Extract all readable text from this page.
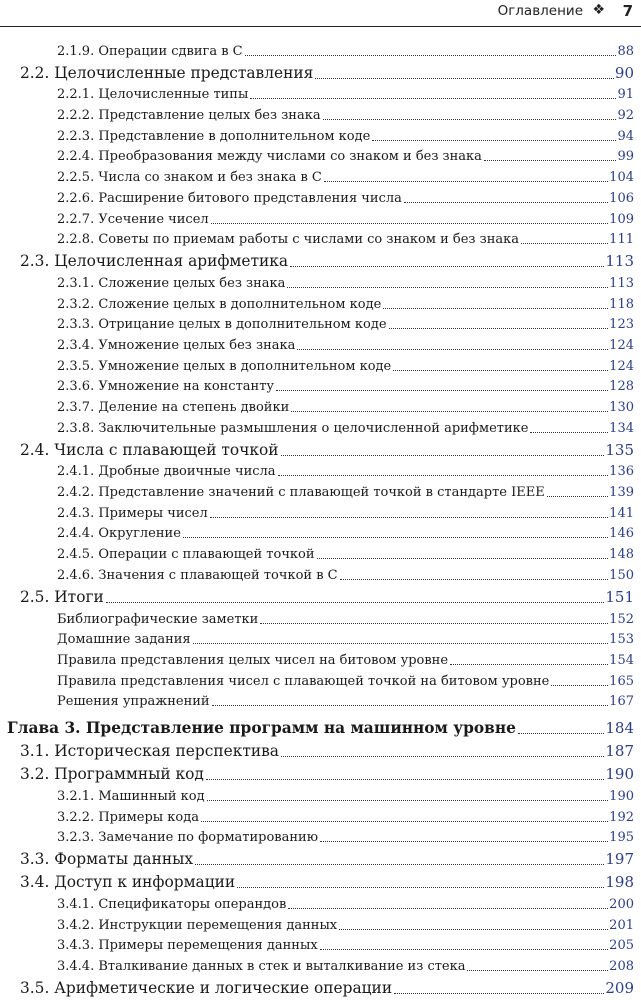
Оглавление ❖ 7
2.1.9. Операции сдвига в С	88
2.2. Целочисленные представления	90
2.2.1. Целочисленные типы	91
2.2.2. Представление целых без знака	92
2.2.3. Представление в дополнительном коде	94
2.2.4. Преобразования между числами со знаком и без знака	99
2.2.5. Числа со знаком и без знака в С	104
2.2.6. Расширение битового представления числа	106
2.2.7. Усечение чисел	109
2.2.8. Советы по приемам работы с числами со знаком и без знака	111
2.3. Целочисленная арифметика	113
2.3.1. Сложение целых без знака	113
2.3.2. Сложение целых в дополнительном коде	118
2.3.3. Отрицание целых в дополнительном коде	123
2.3.4. Умножение целых без знака	124
2.3.5. Умножение целых в дополнительном коде	124
2.3.6. Умножение на константу	128
2.3.7. Деление на степень двойки	130
2.3.8. Заключительные размышления о целочисленной арифметике	134
2.4. Числа с плавающей точкой	135
2.4.1. Дробные двоичные числа	136
2.4.2. Представление значений с плавающей точкой в стандарте IEEE	139
2.4.3. Примеры чисел	141
2.4.4. Округление	146
2.4.5. Операции с плавающей точкой	148
2.4.6. Значения с плавающей точкой в С	150
2.5. Итоги	151
Библиографические заметки	152
Домашние задания	153
Правила представления целых чисел на битовом уровне	154
Правила представления чисел с плавающей точкой на битовом уровне	165
Решения упражнений	167
Глава 3. Представление программ на машинном уровне	184
3.1. Историческая перспектива	187
3.2. Программный код	190
3.2.1. Машинный код	190
3.2.2. Примеры кода	192
3.2.3. Замечание по форматированию	195
3.3. Форматы данных	197
3.4. Доступ к информации	198
3.4.1. Спецификаторы операндов	200
3.4.2. Инструкции перемещения данных	201
3.4.3. Примеры перемещения данных	205
3.4.4. Вталкивание данных в стек и выталкивание из стека	208
3.5. Арифметические и логические операции	209
